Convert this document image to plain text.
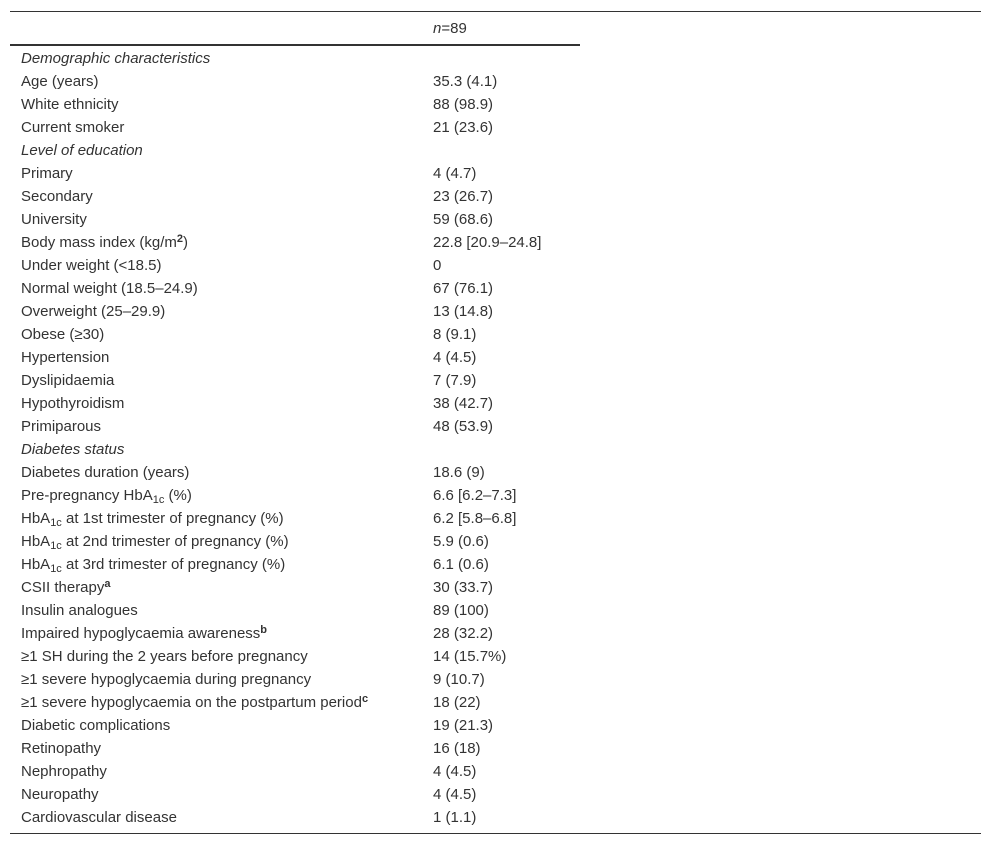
n=89
Demographic characteristics
Age (years)	35.3 (4.1)
White ethnicity	88 (98.9)
Current smoker	21 (23.6)
Level of education
Primary	4 (4.7)
Secondary	23 (26.7)
University	59 (68.6)
Body mass index $(kg/m^2)$	22.8 [20.9–24.8]
Under weight (<18.5)	0
Normal weight (18.5–24.9)	67 (76.1)
Overweight (25–29.9)	13 (14.8)
Obese (≥30)	8 (9.1)
Hypertension	4 (4.5)
Dyslipidaemia	7 (7.9)
Hypothyroidism	38 (42.7)
Primiparous	48 (53.9)
Diabetes status
Diabetes duration (years)	18.6 (9)
Pre-pregnancy HbA$_{1c}$ (%)	6.6 [6.2–7.3]
HbA$_{1c}$ at 1st trimester of pregnancy (%)	6.2 [5.8–6.8]
HbA$_{1c}$ at 2nd trimester of pregnancy (%)	5.9 (0.6)
HbA$_{1c}$ at 3rd trimester of pregnancy (%)	6.1 (0.6)
CSII therapy$^a$	30 (33.7)
Insulin analogues	89 (100)
Impaired hypoglycaemia awareness$^b$	28 (32.2)
≥1 SH during the 2 years before pregnancy	14 (15.7%)
≥1 severe hypoglycaemia during pregnancy	9 (10.7)
≥1 severe hypoglycaemia on the postpartum period$^c$	18 (22)
Diabetic complications	19 (21.3)
Retinopathy	16 (18)
Nephropathy	4 (4.5)
Neuropathy	4 (4.5)
Cardiovascular disease	1 (1.1)
